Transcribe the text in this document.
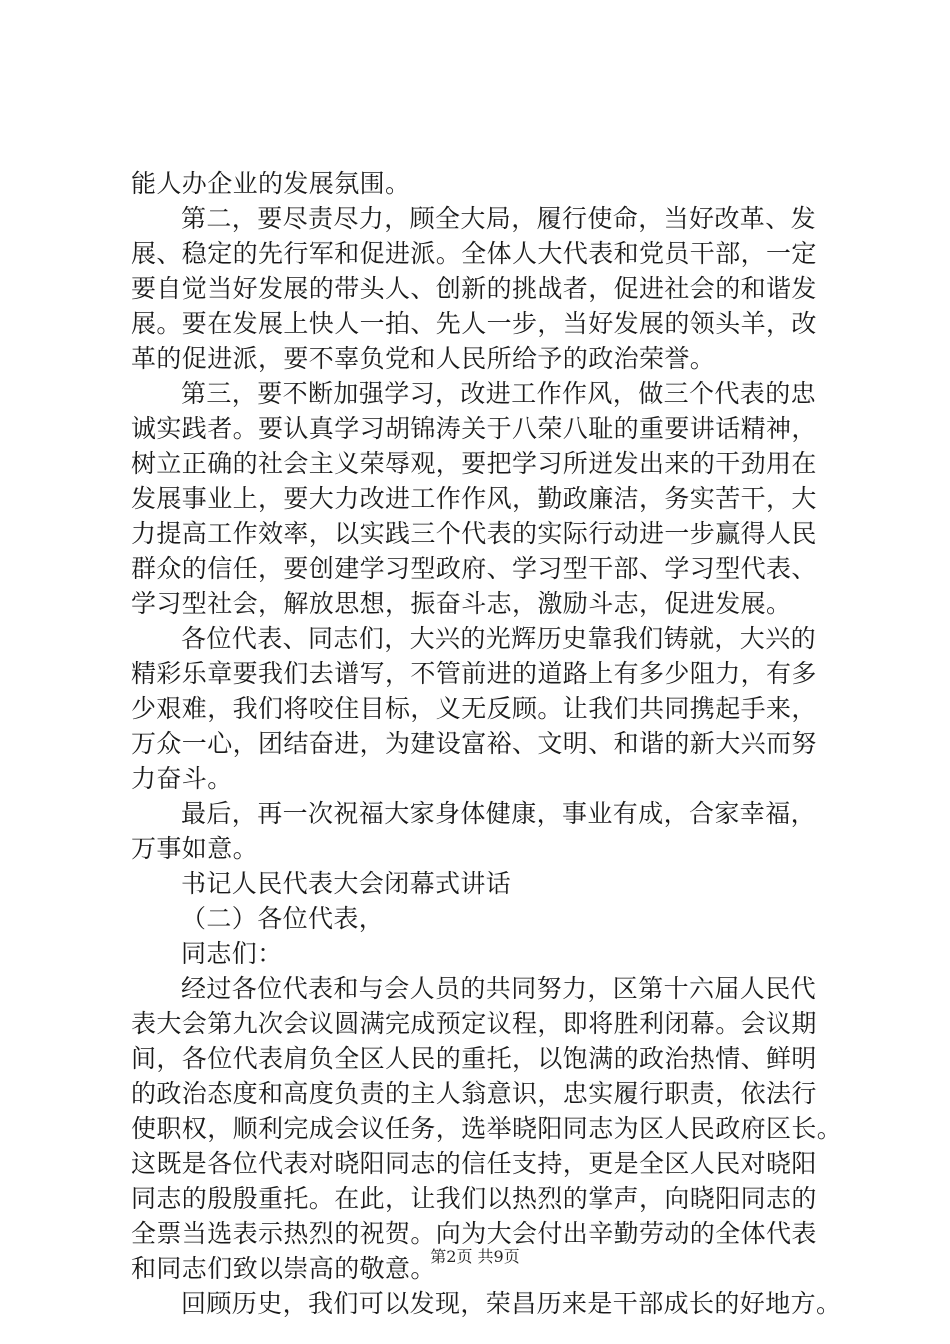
能人办企业的发展氛围。
第二，要尽责尽力，顾全大局，履行使命，当好改革、发
展、稳定的先行军和促进派。全体人大代表和党员干部，一定
要自觉当好发展的带头人、创新的挑战者，促进社会的和谐发
展。要在发展上快人一拍、先人一步，当好发展的领头羊，改
革的促进派，要不辜负党和人民所给予的政治荣誉。
第三，要不断加强学习，改进工作作风，做三个代表的忠
诚实践者。要认真学习胡锦涛关于八荣八耻的重要讲话精神，
树立正确的社会主义荣辱观，要把学习所迸发出来的干劲用在
发展事业上，要大力改进工作作风，勤政廉洁，务实苦干，大
力提高工作效率，以实践三个代表的实际行动进一步赢得人民
群众的信任，要创建学习型政府、学习型干部、学习型代表、
学习型社会，解放思想，振奋斗志，激励斗志，促进发展。
各位代表、同志们，大兴的光辉历史靠我们铸就，大兴的
精彩乐章要我们去谱写，不管前进的道路上有多少阻力，有多
少艰难，我们将咬住目标，义无反顾。让我们共同携起手来，
万众一心，团结奋进，为建设富裕、文明、和谐的新大兴而努
力奋斗。
最后，再一次祝福大家身体健康，事业有成，合家幸福，
万事如意。
书记人民代表大会闭幕式讲话
（二）各位代表，
同志们：
经过各位代表和与会人员的共同努力，区第十六届人民代
表大会第九次会议圆满完成预定议程，即将胜利闭幕。会议期
间，各位代表肩负全区人民的重托，以饱满的政治热情、鲜明
的政治态度和高度负责的主人翁意识，忠实履行职责，依法行
使职权，顺利完成会议任务，选举晓阳同志为区人民政府区长。
这既是各位代表对晓阳同志的信任支持，更是全区人民对晓阳
同志的殷殷重托。在此，让我们以热烈的掌声，向晓阳同志的
全票当选表示热烈的祝贺。向为大会付出辛勤劳动的全体代表
和同志们致以崇高的敬意。
回顾历史，我们可以发现，荣昌历来是干部成长的好地方。
第2页 共9页
